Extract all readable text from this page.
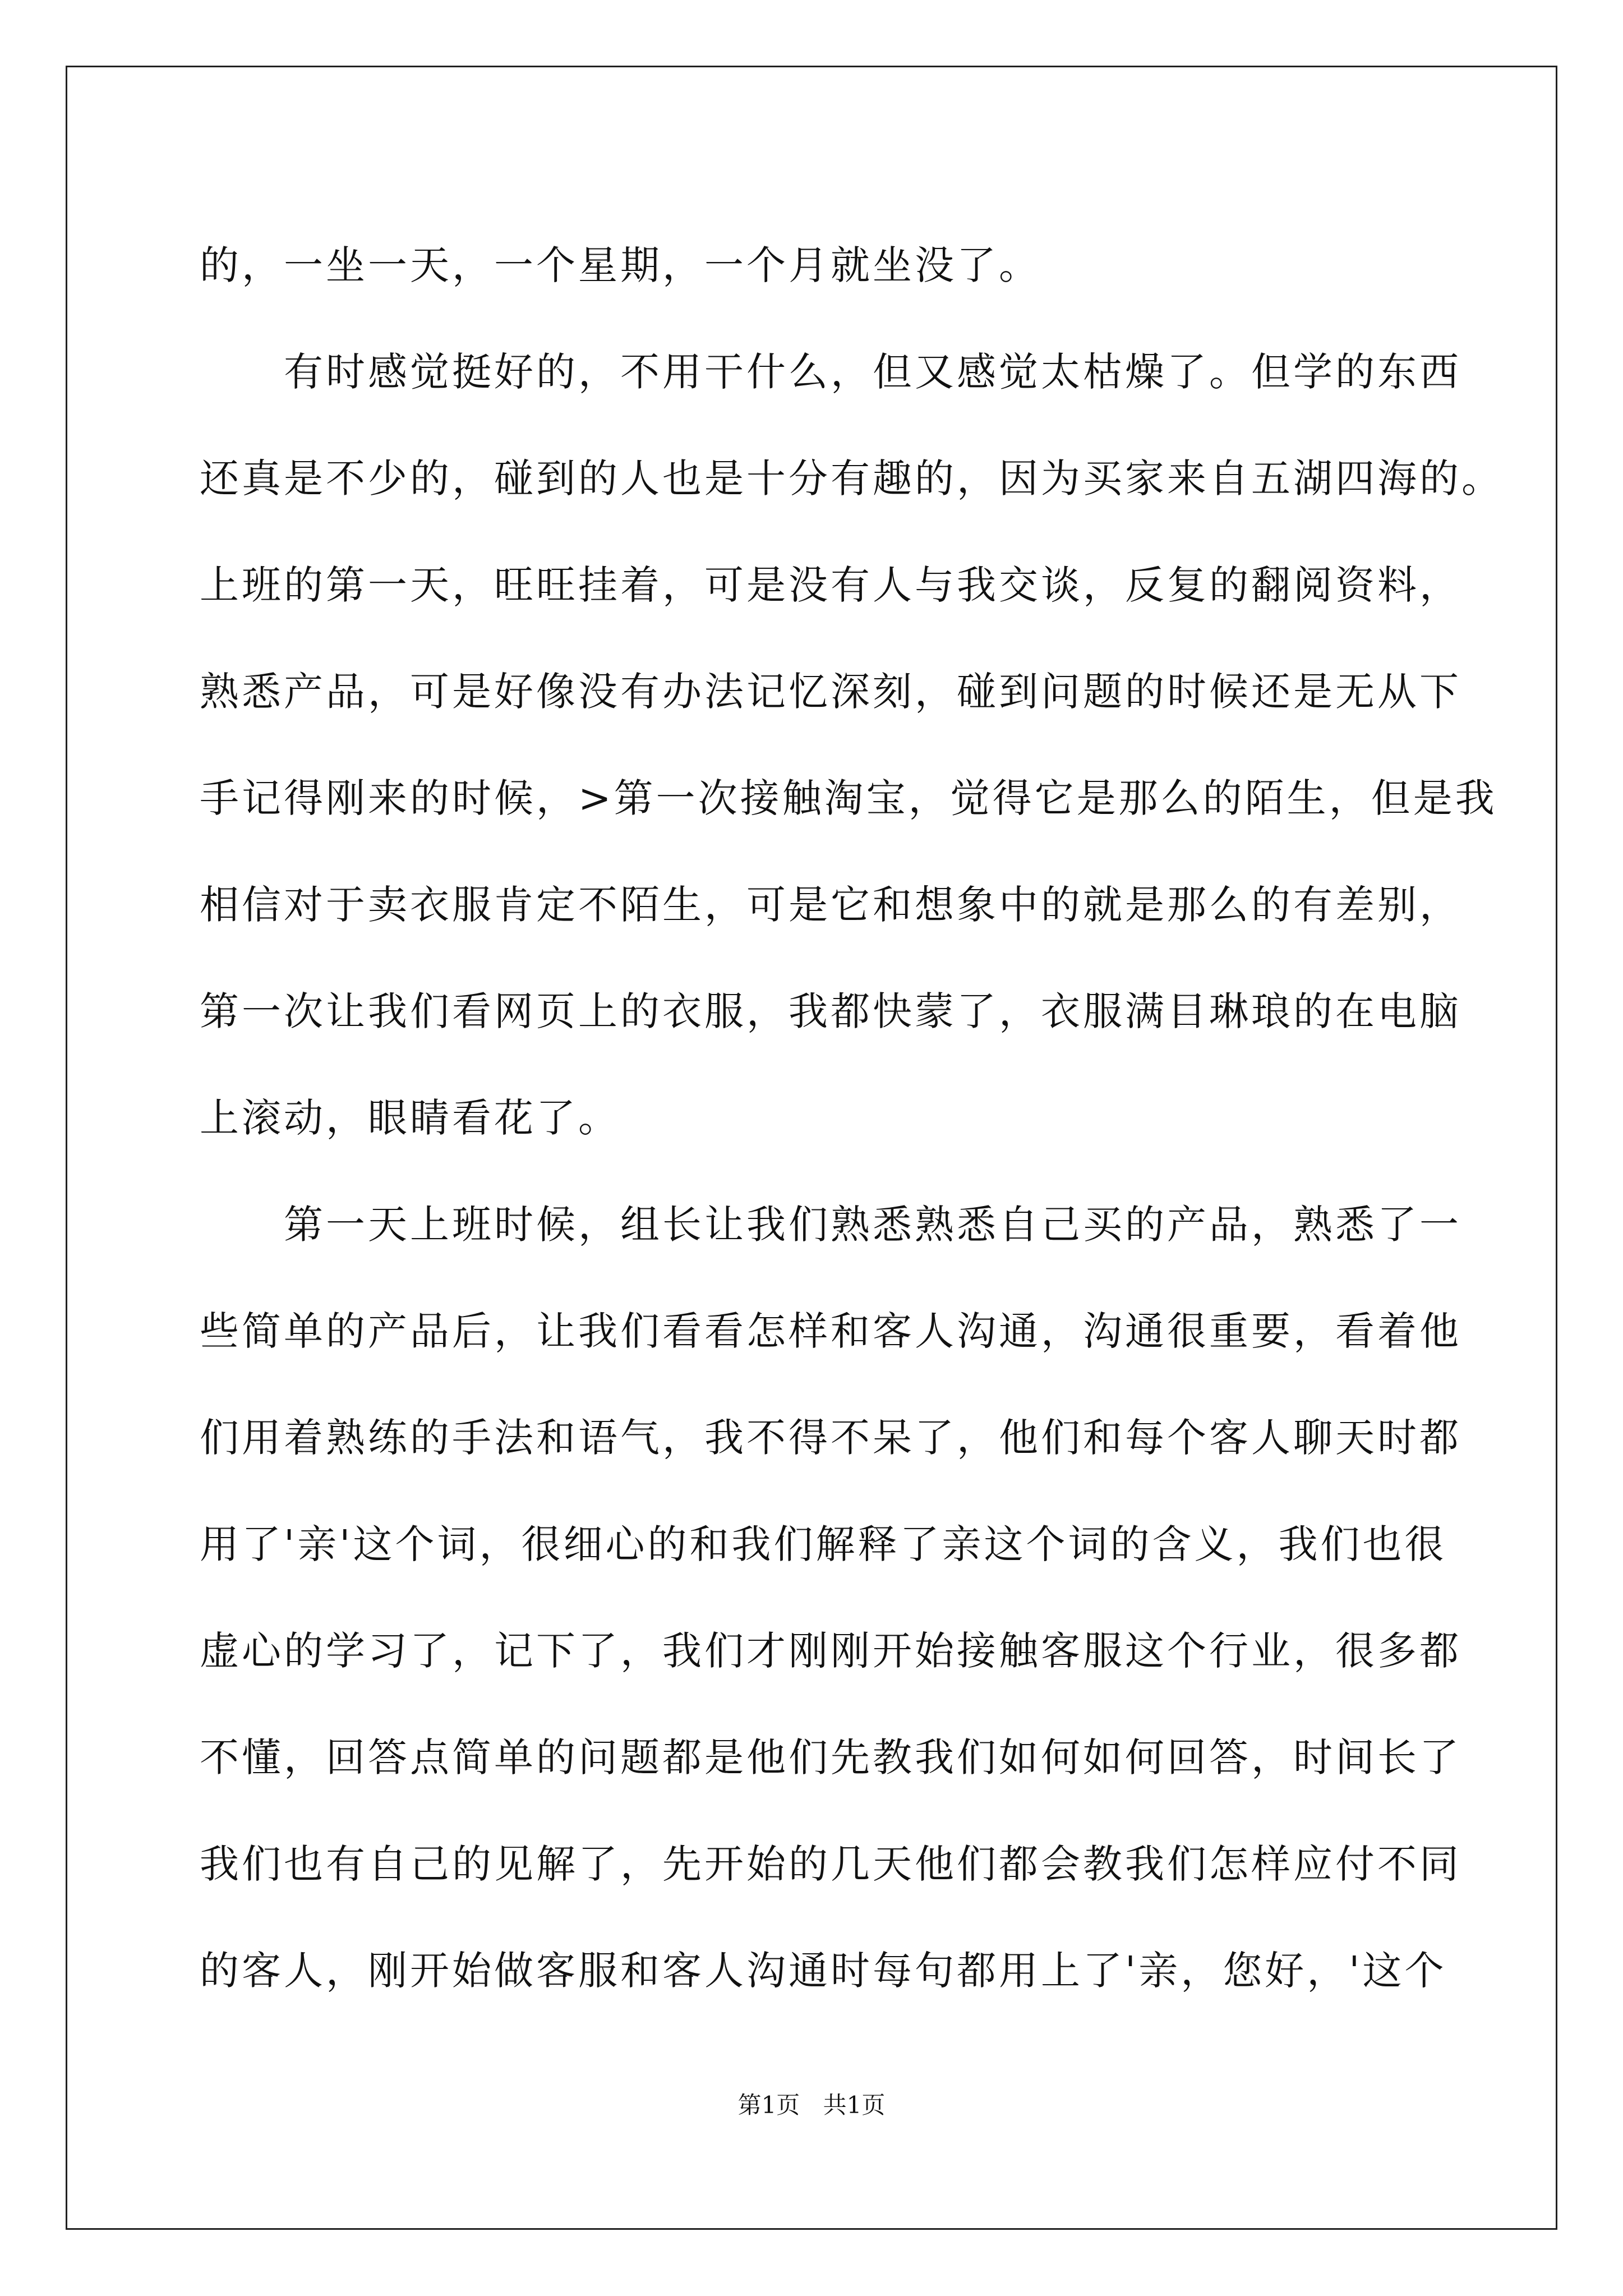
的，一坐一天，一个星期，一个月就坐没了。
　　有时感觉挺好的，不用干什么，但又感觉太枯燥了。但学的东西
还真是不少的，碰到的人也是十分有趣的，因为买家来自五湖四海的。
上班的第一天，旺旺挂着，可是没有人与我交谈，反复的翻阅资料，
熟悉产品，可是好像没有办法记忆深刻，碰到问题的时候还是无从下
手记得刚来的时候，>第一次接触淘宝，觉得它是那么的陌生，但是我
相信对于卖衣服肯定不陌生，可是它和想象中的就是那么的有差别，
第一次让我们看网页上的衣服，我都快蒙了，衣服满目琳琅的在电脑
上滚动，眼睛看花了。
　　第一天上班时候，组长让我们熟悉熟悉自己买的产品，熟悉了一
些简单的产品后，让我们看看怎样和客人沟通，沟通很重要，看着他
们用着熟练的手法和语气，我不得不呆了，他们和每个客人聊天时都
用了'亲'这个词，很细心的和我们解释了亲这个词的含义，我们也很
虚心的学习了，记下了，我们才刚刚开始接触客服这个行业，很多都
不懂，回答点简单的问题都是他们先教我们如何如何回答，时间长了
我们也有自己的见解了，先开始的几天他们都会教我们怎样应付不同
的客人，刚开始做客服和客人沟通时每句都用上了'亲，您好，'这个
第1页 共1页
